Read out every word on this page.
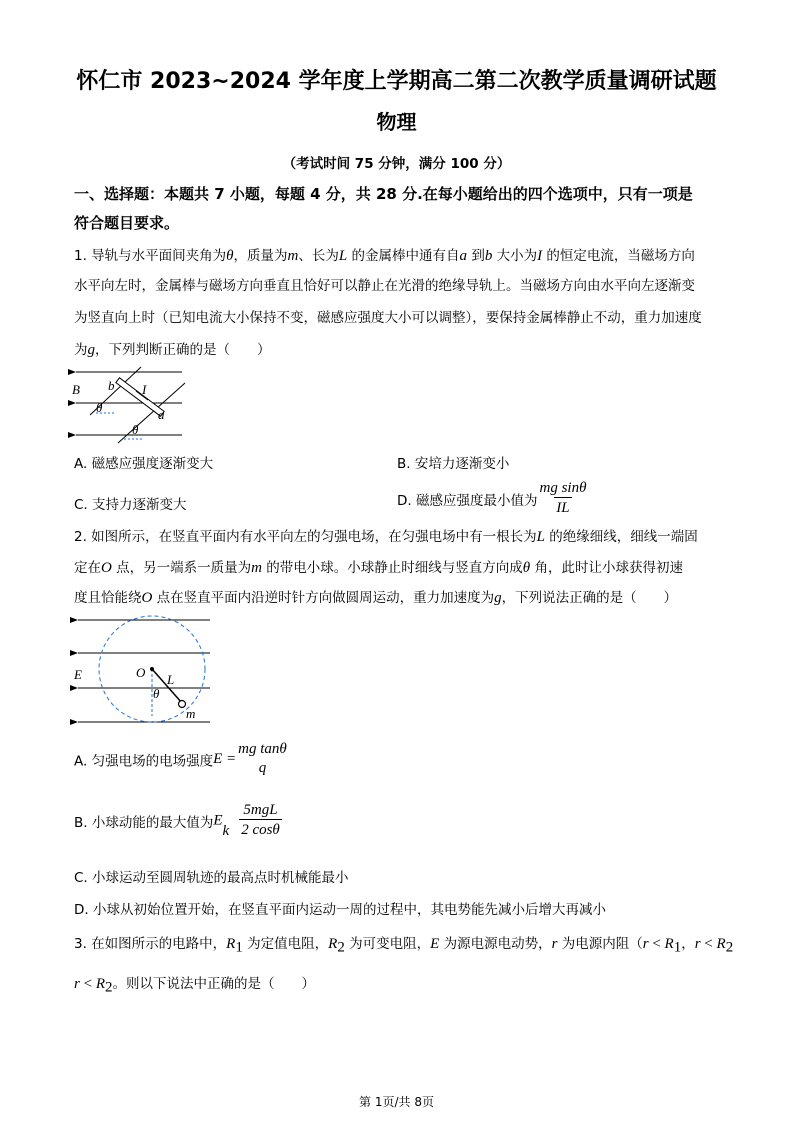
怀仁市 2023~2024 学年度上学期高二第二次教学质量调研试题
物理
（考试时间 75 分钟，满分 100 分）
一、选择题：本题共 7 小题，每题 4 分，共 28 分.在每小题给出的四个选项中，只有一项是
符合题目要求。
1. 导轨与水平面间夹角为θ，质量为m、长为L 的金属棒中通有自a 到b 大小为I 的恒定电流，当磁场方向
水平向左时，金属棒与磁场方向垂直且恰好可以静止在光滑的绝缘导轨上。当磁场方向由水平向左逐渐变
为竖直向上时（已知电流大小保持不变，磁感应强度大小可以调整），要保持金属棒静止不动，重力加速度
为g，下列判断正确的是（　　）
B b I
θ	a
θ
A. 磁感应强度逐渐变大	B. 安培力逐渐变小
C. 支持力逐渐变大	D. 磁感应强度最小值为 $\frac{\text{mg sinθ}}{IL}$
2. 如图所示，在竖直平面内有水平向左的匀强电场，在匀强电场中有一根长为L 的绝缘细线，细线一端固
定在O 点，另一端系一质量为m 的带电小球。小球静止时细线与竖直方向成θ 角，此时让小球获得初速
度且恰能绕O 点在竖直平面内沿逆时针方向做圆周运动，重力加速度为g，下列说法正确的是（　　）
E	O L
θ
m
A. 匀强电场的电场强度E =
mg tanθ
q
B. 小球动能的最大值为$E_k \frac{\text{5mgL}}{2 \cos\theta}$
C. 小球运动至圆周轨迹的最高点时机械能最小
D. 小球从初始位置开始，在竖直平面内运动一周的过程中，其电势能先减小后增大再减小
3. 在如图所示的电路中，$R_1$ 为定值电阻，$R_2$ 为可变电阻，E 为源电源电动势，r 为电源内阻（$r < R_1$，$r < R_2$
$r < R_2$。则以下说法中正确的是（　　）
第 1页/共 8页
